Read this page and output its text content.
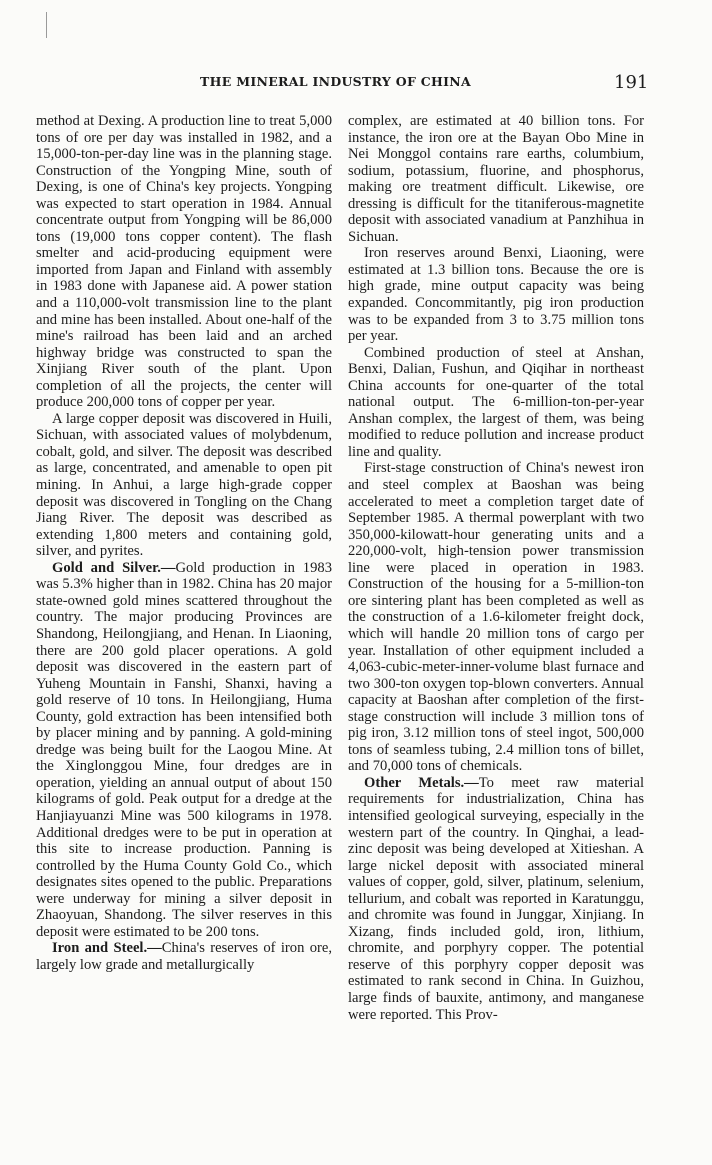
THE MINERAL INDUSTRY OF CHINA	191

method at Dexing. A production line to treat 5,000 tons of ore per day was installed in 1982, and a 15,000-ton-per-day line was in the planning stage. Construction of the Yongping Mine, south of Dexing, is one of China's key projects. Yongping was expected to start operation in 1984. Annual concentrate output from Yongping will be 86,000 tons (19,000 tons copper content). The flash smelter and acid-producing equipment were imported from Japan and Finland with assembly in 1983 done with Japanese aid. A power station and a 110,000-volt transmission line to the plant and mine has been installed. About one-half of the mine's railroad has been laid and an arched highway bridge was constructed to span the Xinjiang River south of the plant. Upon completion of all the projects, the center will produce 200,000 tons of copper per year.

A large copper deposit was discovered in Huili, Sichuan, with associated values of molybdenum, cobalt, gold, and silver. The deposit was described as large, concentrated, and amenable to open pit mining. In Anhui, a large high-grade copper deposit was discovered in Tongling on the Chang Jiang River. The deposit was described as extending 1,800 meters and containing gold, silver, and pyrites.

Gold and Silver.—Gold production in 1983 was 5.3% higher than in 1982. China has 20 major state-owned gold mines scattered throughout the country. The major producing Provinces are Shandong, Heilongjiang, and Henan. In Liaoning, there are 200 gold placer operations. A gold deposit was discovered in the eastern part of Yuheng Mountain in Fanshi, Shanxi, having a gold reserve of 10 tons. In Heilongjiang, Huma County, gold extraction has been intensified both by placer mining and by panning. A gold-mining dredge was being built for the Laogou Mine. At the Xinglonggou Mine, four dredges are in operation, yielding an annual output of about 150 kilograms of gold. Peak output for a dredge at the Hanjiayuanzi Mine was 500 kilograms in 1978. Additional dredges were to be put in operation at this site to increase production. Panning is controlled by the Huma County Gold Co., which designates sites opened to the public. Preparations were underway for mining a silver deposit in Zhaoyuan, Shandong. The silver reserves in this deposit were estimated to be 200 tons.

Iron and Steel.—China's reserves of iron ore, largely low grade and metallurgically

complex, are estimated at 40 billion tons. For instance, the iron ore at the Bayan Obo Mine in Nei Monggol contains rare earths, columbium, sodium, potassium, fluorine, and phosphorus, making ore treatment difficult. Likewise, ore dressing is difficult for the titaniferous-magnetite deposit with associated vanadium at Panzhihua in Sichuan.

Iron reserves around Benxi, Liaoning, were estimated at 1.3 billion tons. Because the ore is high grade, mine output capacity was being expanded. Concommitantly, pig iron production was to be expanded from 3 to 3.75 million tons per year.

Combined production of steel at Anshan, Benxi, Dalian, Fushun, and Qiqihar in northeast China accounts for one-quarter of the total national output. The 6-million-ton-per-year Anshan complex, the largest of them, was being modified to reduce pollution and increase product line and quality.

First-stage construction of China's newest iron and steel complex at Baoshan was being accelerated to meet a completion target date of September 1985. A thermal powerplant with two 350,000-kilowatt-hour generating units and a 220,000-volt, high-tension power transmission line were placed in operation in 1983. Construction of the housing for a 5-million-ton ore sintering plant has been completed as well as the construction of a 1.6-kilometer freight dock, which will handle 20 million tons of cargo per year. Installation of other equipment included a 4,063-cubic-meter-inner-volume blast furnace and two 300-ton oxygen top-blown converters. Annual capacity at Baoshan after completion of the first-stage construction will include 3 million tons of pig iron, 3.12 million tons of steel ingot, 500,000 tons of seamless tubing, 2.4 million tons of billet, and 70,000 tons of chemicals.

Other Metals.—To meet raw material requirements for industrialization, China has intensified geological surveying, especially in the western part of the country. In Qinghai, a lead-zinc deposit was being developed at Xitieshan. A large nickel deposit with associated mineral values of copper, gold, silver, platinum, selenium, tellurium, and cobalt was reported in Karatunggu, and chromite was found in Junggar, Xinjiang. In Xizang, finds included gold, iron, lithium, chromite, and porphyry copper. The potential reserve of this porphyry copper deposit was estimated to rank second in China. In Guizhou, large finds of bauxite, antimony, and manganese were reported. This Prov-
